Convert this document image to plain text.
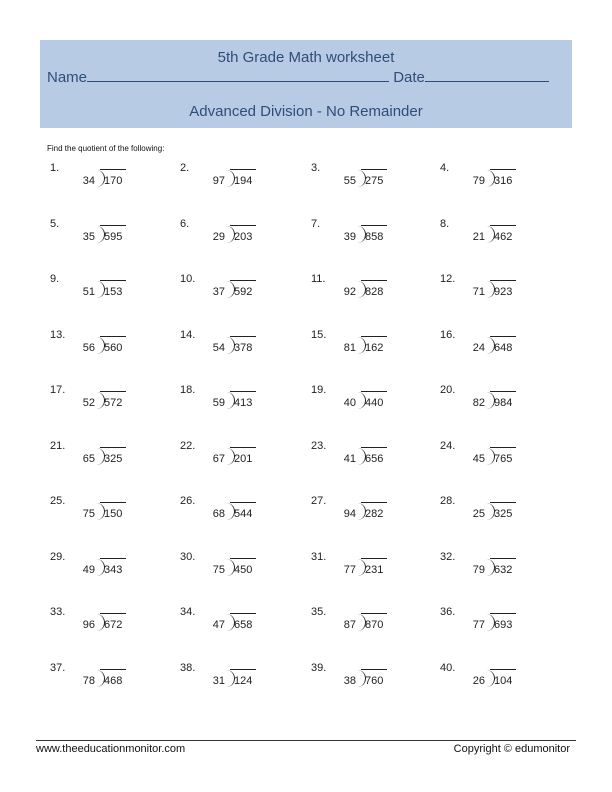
5th Grade Math worksheet
Name	Date
Advanced Division - No Remainder
Find the quotient of the following:
1.
34 170
2.
97 194
3.
55 275
4.
79 316
5.
35 595
6.
29 203
7.
39 858
8.
21 462
9.
51 153
10.
37 592
11.
92 828
12.
71 923
13.
56 560
14.
54 378
15.
81 162
16.
24 648
17.
52 572
18.
59 413
19.
40 440
20.
82 984
21.
65 325
22.
67 201
23.
41 656
24.
45 765
25.
75 150
26.
68 544
27.
94 282
28.
25 325
29.
49 343
30.
75 450
31.
77 231
32.
79 632
33.
96 672
34.
47 658
35.
87 870
36.
77 693
37.
78 468
38.
31 124
39.
38 760
40.
26 104
www.theeducationmonitor.com	Copyright © edumonitor
